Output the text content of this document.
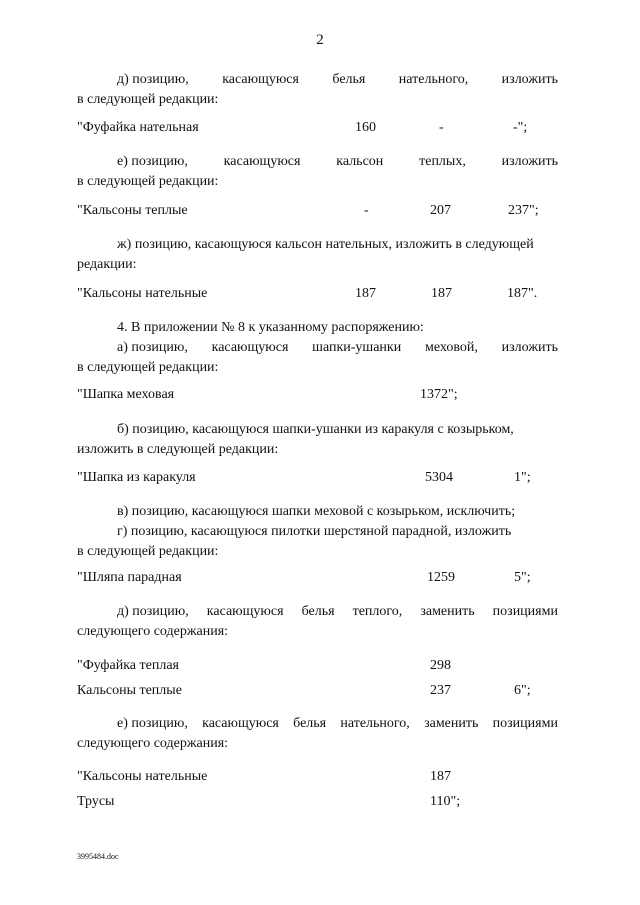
2
д) позицию, касающуюся белья нательного, изложить
в следующей редакции:
"Фуфайка нательная	160	-	-";
е) позицию,	касающуюся	кальсон	теплых,	изложить
в следующей редакции:
"Кальсоны теплые	-	207	237";
ж) позицию, касающуюся кальсон нательных, изложить в следующей
редакции:
"Кальсоны нательные	187	187	187".
4. В приложении № 8 к указанному распоряжению:
а) позицию, касающуюся шапки-ушанки меховой, изложить
в следующей редакции:
"Шапка меховая	1372";
б) позицию, касающуюся шапки-ушанки из каракуля с козырьком,
изложить в следующей редакции:
"Шапка из каракуля	5304	1";
в) позицию, касающуюся шапки меховой с козырьком, исключить;
г) позицию, касающуюся пилотки шерстяной парадной, изложить
в следующей редакции:
"Шляпа парадная	1259	5";
д) позицию, касающуюся белья теплого, заменить позициями
следующего содержания:
"Фуфайка теплая	298
Кальсоны теплые	237	6";
е) позицию, касающуюся белья нательного, заменить позициями
следующего содержания:
"Кальсоны нательные	187
Трусы	110";
3995484.doc
